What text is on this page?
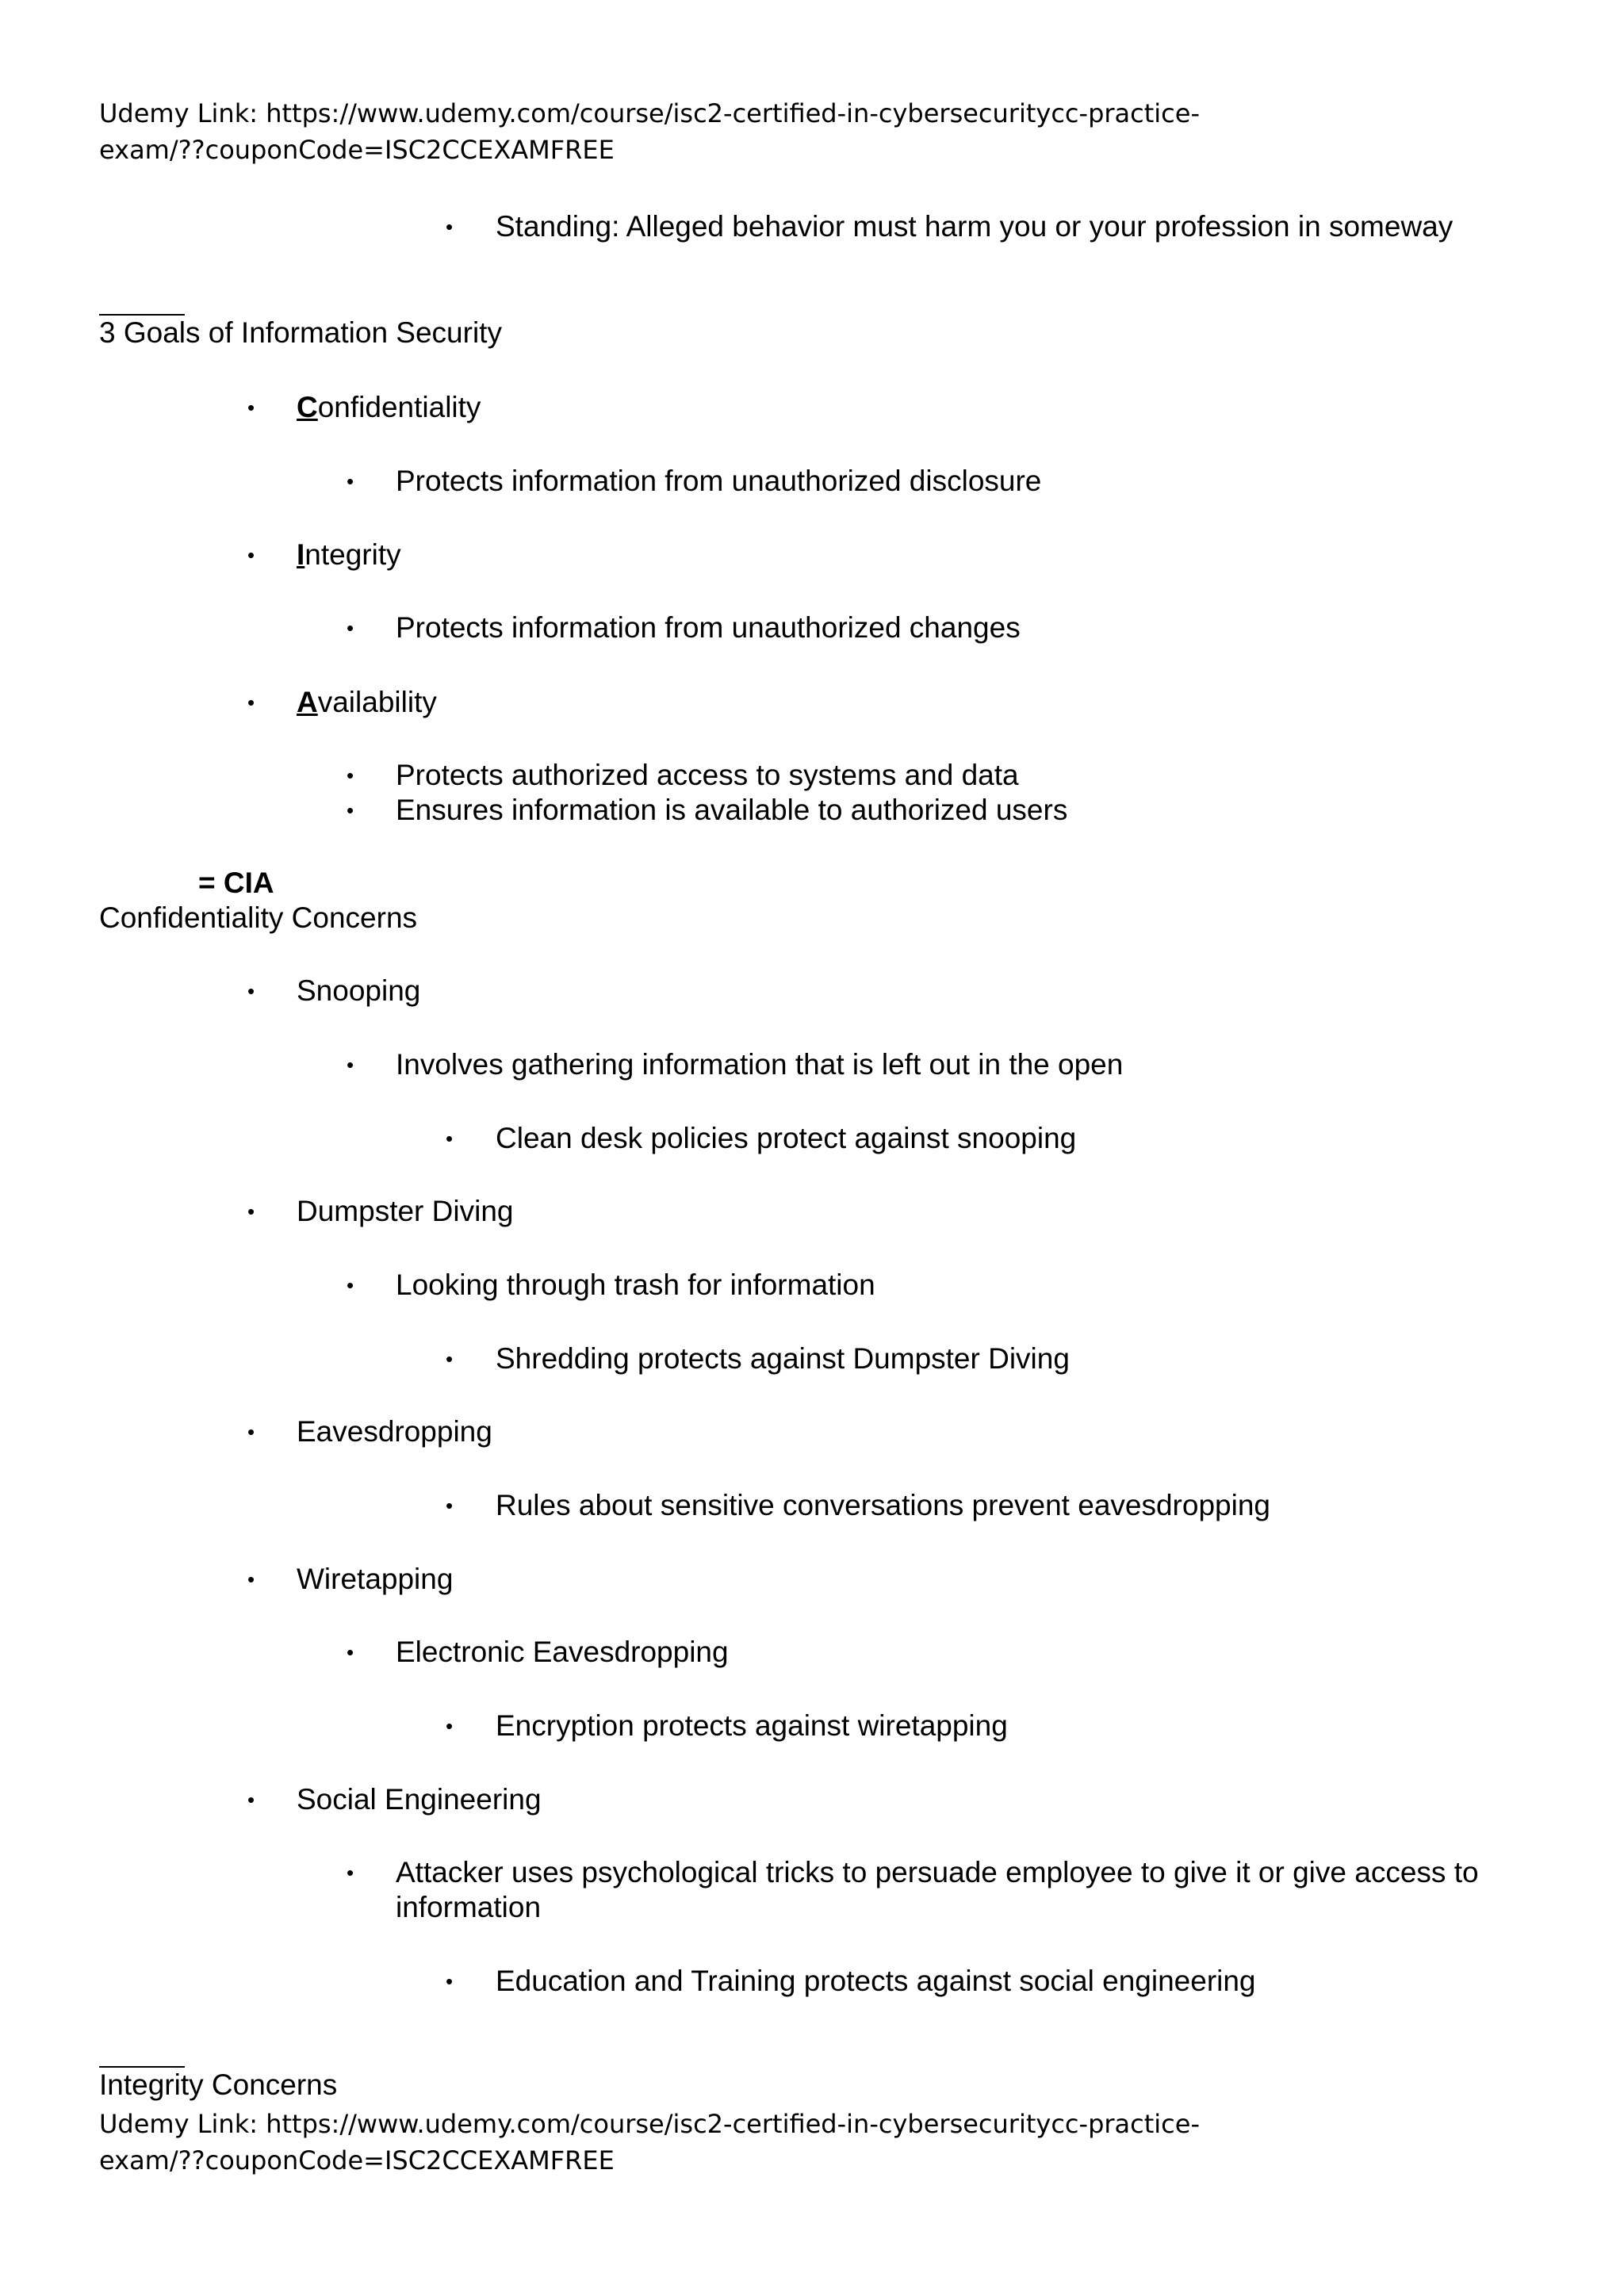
Udemy Link: https://www.udemy.com/course/isc2-certified-in-cybersecuritycc-practice-
exam/??couponCode=ISC2CCEXAMFREE
• Standing: Alleged behavior must harm you or your profession in someway
3 Goals of Information Security
• Confidentiality
• Protects information from unauthorized disclosure
• Integrity
• Protects information from unauthorized changes
• Availability
• Protects authorized access to systems and data
• Ensures information is available to authorized users
= CIA
Confidentiality Concerns
• Snooping
• Involves gathering information that is left out in the open
• Clean desk policies protect against snooping
• Dumpster Diving
• Looking through trash for information
• Shredding protects against Dumpster Diving
• Eavesdropping
• Rules about sensitive conversations prevent eavesdropping
• Wiretapping
• Electronic Eavesdropping
• Encryption protects against wiretapping
• Social Engineering
• Attacker uses psychological tricks to persuade employee to give it or give access to information
• Education and Training protects against social engineering
Integrity Concerns
Udemy Link: https://www.udemy.com/course/isc2-certified-in-cybersecuritycc-practice-
exam/??couponCode=ISC2CCEXAMFREE
